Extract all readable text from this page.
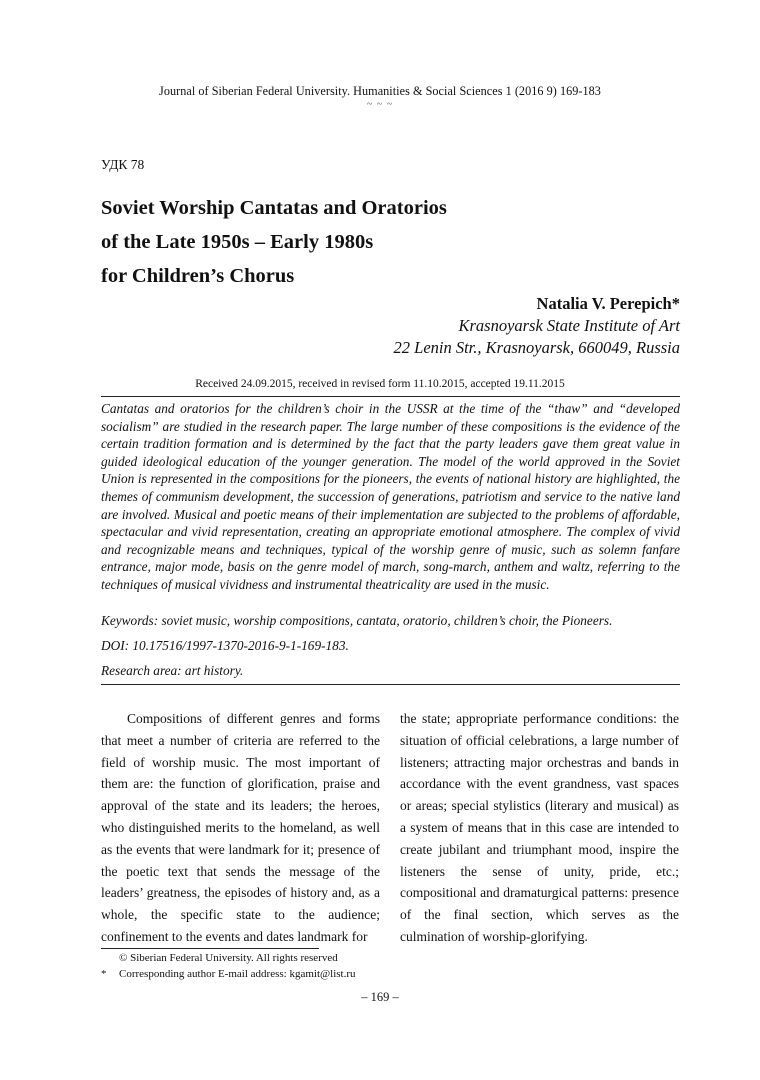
Journal of Siberian Federal University. Humanities & Social Sciences 1 (2016 9) 169-183
~ ~ ~
УДК 78
Soviet Worship Cantatas and Oratorios
of the Late 1950s – Early 1980s
for Children’s Chorus
Natalia V. Perepich*
Krasnoyarsk State Institute of Art
22 Lenin Str., Krasnoyarsk, 660049, Russia
Received 24.09.2015, received in revised form 11.10.2015, accepted 19.11.2015
Cantatas and oratorios for the children’s choir in the USSR at the time of the “thaw” and “developed socialism” are studied in the research paper. The large number of these compositions is the evidence of the certain tradition formation and is determined by the fact that the party leaders gave them great value in guided ideological education of the younger generation. The model of the world approved in the Soviet Union is represented in the compositions for the pioneers, the events of national history are highlighted, the themes of communism development, the succession of generations, patriotism and service to the native land are involved. Musical and poetic means of their implementation are subjected to the problems of affordable, spectacular and vivid representation, creating an appropriate emotional atmosphere. The complex of vivid and recognizable means and techniques, typical of the worship genre of music, such as solemn fanfare entrance, major mode, basis on the genre model of march, song-march, anthem and waltz, referring to the techniques of musical vividness and instrumental theatricality are used in the music.
Keywords: soviet music, worship compositions, cantata, oratorio, children’s choir, the Pioneers.
DOI: 10.17516/1997-1370-2016-9-1-169-183.
Research area: art history.

Compositions of different genres and forms that meet a number of criteria are referred to the field of worship music. The most important of them are: the function of glorification, praise and approval of the state and its leaders; the heroes, who distinguished merits to the homeland, as well as the events that were landmark for it; presence of the poetic text that sends the message of the leaders’ greatness, the episodes of history and, as a whole, the specific state to the audience; confinement to the events and dates landmark for

the state; appropriate performance conditions: the situation of official celebrations, a large number of listeners; attracting major orchestras and bands in accordance with the event grandness, vast spaces or areas; special stylistics (literary and musical) as a system of means that in this case are intended to create jubilant and triumphant mood, inspire the listeners the sense of unity, pride, etc.; compositional and dramaturgical patterns: presence of the final section, which serves as the culmination of worship-glorifying.

© Siberian Federal University. All rights reserved
* Corresponding author E-mail address: kgamit@list.ru
– 169 –
